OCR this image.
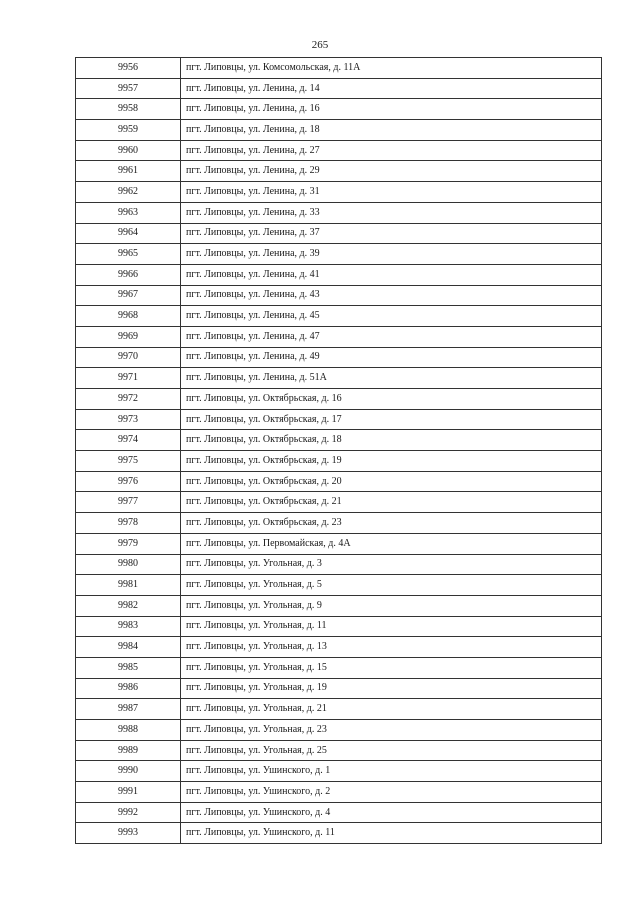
265
9956	пгт. Липовцы, ул. Комсомольская, д. 11А
9957	пгт. Липовцы, ул. Ленина, д. 14
9958	пгт. Липовцы, ул. Ленина, д. 16
9959	пгт. Липовцы, ул. Ленина, д. 18
9960	пгт. Липовцы, ул. Ленина, д. 27
9961	пгт. Липовцы, ул. Ленина, д. 29
9962	пгт. Липовцы, ул. Ленина, д. 31
9963	пгт. Липовцы, ул. Ленина, д. 33
9964	пгт. Липовцы, ул. Ленина, д. 37
9965	пгт. Липовцы, ул. Ленина, д. 39
9966	пгт. Липовцы, ул. Ленина, д. 41
9967	пгт. Липовцы, ул. Ленина, д. 43
9968	пгт. Липовцы, ул. Ленина, д. 45
9969	пгт. Липовцы, ул. Ленина, д. 47
9970	пгт. Липовцы, ул. Ленина, д. 49
9971	пгт. Липовцы, ул. Ленина, д. 51А
9972	пгт. Липовцы, ул. Октябрьская, д. 16
9973	пгт. Липовцы, ул. Октябрьская, д. 17
9974	пгт. Липовцы, ул. Октябрьская, д. 18
9975	пгт. Липовцы, ул. Октябрьская, д. 19
9976	пгт. Липовцы, ул. Октябрьская, д. 20
9977	пгт. Липовцы, ул. Октябрьская, д. 21
9978	пгт. Липовцы, ул. Октябрьская, д. 23
9979	пгт. Липовцы, ул. Первомайская, д. 4А
9980	пгт. Липовцы, ул. Угольная, д. 3
9981	пгт. Липовцы, ул. Угольная, д. 5
9982	пгт. Липовцы, ул. Угольная, д. 9
9983	пгт. Липовцы, ул. Угольная, д. 11
9984	пгт. Липовцы, ул. Угольная, д. 13
9985	пгт. Липовцы, ул. Угольная, д. 15
9986	пгт. Липовцы, ул. Угольная, д. 19
9987	пгт. Липовцы, ул. Угольная, д. 21
9988	пгт. Липовцы, ул. Угольная, д. 23
9989	пгт. Липовцы, ул. Угольная, д. 25
9990	пгт. Липовцы, ул. Ушинского, д. 1
9991	пгт. Липовцы, ул. Ушинского, д. 2
9992	пгт. Липовцы, ул. Ушинского, д. 4
9993	пгт. Липовцы, ул. Ушинского, д. 11
